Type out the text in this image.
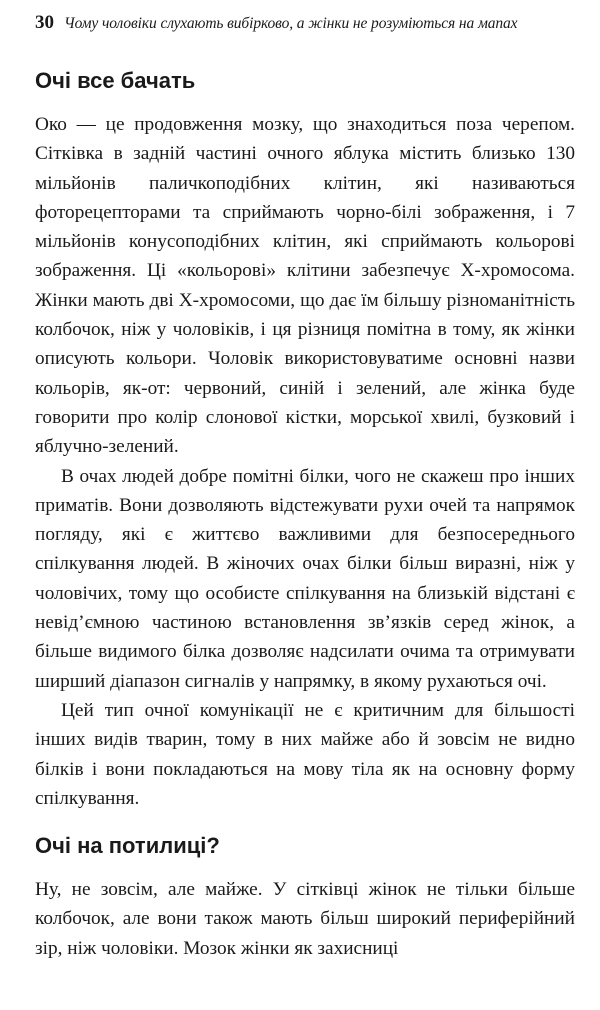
30 Чому чоловіки слухають вибірково, а жінки не розуміються на мапах
Очі все бачать

Око — це продовження мозку, що знаходиться поза черепом. Сітківка в задній частині очного яблука містить близько 130 мільйонів паличкоподібних клітин, які називаються фоторецепторами та сприймають чорно-білі зображення, і 7 мільйонів конусоподібних клітин, які сприймають кольорові зображення. Ці «кольорові» клітини забезпечує Х-хромосома. Жінки мають дві Х-хромосоми, що дає їм більшу різноманітність колбочок, ніж у чоловіків, і ця різниця помітна в тому, як жінки описують кольори. Чоловік використовуватиме основні назви кольорів, як-от: червоний, синій і зелений, але жінка буде говорити про колір слонової кістки, морської хвилі, бузковий і яблучно-зелений.

В очах людей добре помітні білки, чого не скажеш про інших приматів. Вони дозволяють відстежувати рухи очей та напрямок погляду, які є життєво важливими для безпосереднього спілкування людей. В жіночих очах білки більш виразні, ніж у чоловічих, тому що особисте спілкування на близькій відстані є невід’ємною частиною встановлення зв’язків серед жінок, а більше видимого білка дозволяє надсилати очима та отримувати ширший діапазон сигналів у напрямку, в якому рухаються очі.

Цей тип очної комунікації не є критичним для більшості інших видів тварин, тому в них майже або й зовсім не видно білків і вони покладаються на мову тіла як на основну форму спілкування.

Очі на потилиці?

Ну, не зовсім, але майже. У сітківці жінок не тільки більше колбочок, але вони також мають більш широкий периферійний зір, ніж чоловіки. Мозок жінки як захисниці
